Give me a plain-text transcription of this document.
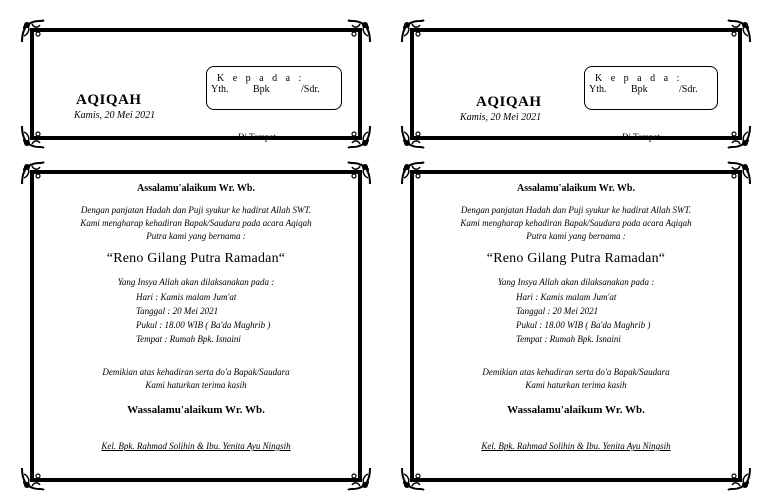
AQIQAH
Kamis, 20 Mei 2021
K e p a d a :
Yth. Bpk	/Sdr.
Di Tempat
AQIQAH
Kamis, 20 Mei 2021
K e p a d a :
Yth. Bpk	/Sdr.
Di Tempat
Assalamu'alaikum Wr. Wb.
Dengan panjatan Hadah dan Puji syukur ke hadirat Allah SWT.
Kami mengharap kehadiran Bapak/Saudara pada acara Aqiqah
Putra kami yang bernama :
“Reno Gilang Putra Ramadan“
Yang Insya Allah akan dilaksanakan pada :
Hari : Kamis malam Jum'at
Tanggal : 20 Mei 2021
Pukul : 18.00 WIB ( Ba'da Maghrib )
Tempat : Rumah Bpk. Isnaini
Demikian atas kehadiran serta do'a Bapak/Saudara
Kami haturkan terima kasih
Wassalamu'alaikum Wr. Wb.
Kel. Bpk. Rahmad Solihin & Ibu. Yenita Ayu Ningsih
Assalamu'alaikum Wr. Wb.
Dengan panjatan Hadah dan Puji syukur ke hadirat Allah SWT.
Kami mengharap kehadiran Bapak/Saudara pada acara Aqiqah
Putra kami yang bernama :
“Reno Gilang Putra Ramadan“
Yang Insya Allah akan dilaksanakan pada :
Hari : Kamis malam Jum'at
Tanggal : 20 Mei 2021
Pukul : 18.00 WIB ( Ba'da Maghrib )
Tempat : Rumah Bpk. Isnaini
Demikian atas kehadiran serta do'a Bapak/Saudara
Kami haturkan terima kasih
Wassalamu'alaikum Wr. Wb.
Kel. Bpk. Rahmad Solihin & Ibu. Yenita Ayu Ningsih
